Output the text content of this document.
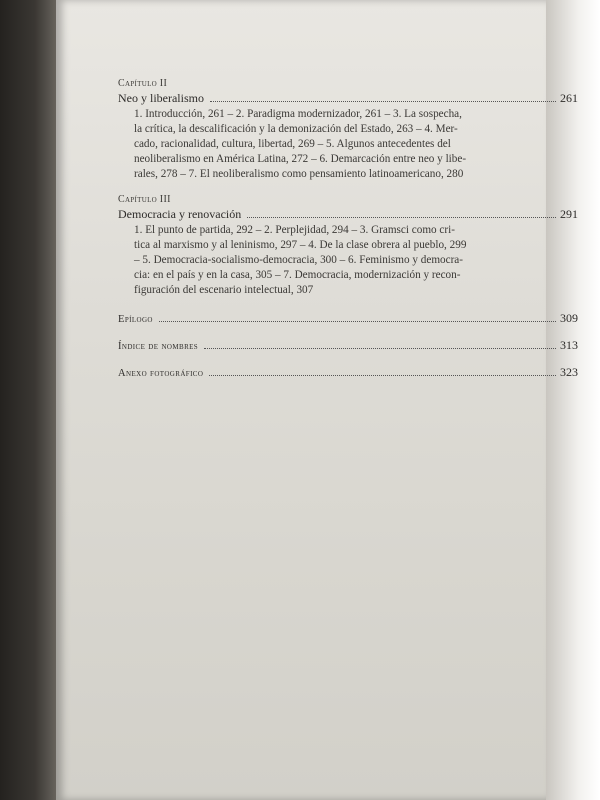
Capítulo II
Neo y liberalismo	261
1. Introducción, 261 – 2. Paradigma modernizador, 261 – 3. La sospecha,
la crítica, la descalificación y la demonización del Estado, 263 – 4. Mer-
cado, racionalidad, cultura, libertad, 269 – 5. Algunos antecedentes del
neoliberalismo en América Latina, 272 – 6. Demarcación entre neo y libe-
rales, 278 – 7. El neoliberalismo como pensamiento latinoamericano, 280
Capítulo III
Democracia y renovación	291
1. El punto de partida, 292 – 2. Perplejidad, 294 – 3. Gramsci como cri-
tica al marxismo y al leninismo, 297 – 4. De la clase obrera al pueblo, 299
– 5. Democracia-socialismo-democracia, 300 – 6. Feminismo y democra-
cia: en el país y en la casa, 305 – 7. Democracia, modernización y recon-
figuración del escenario intelectual, 307
Epílogo	309
Índice de nombres	313
Anexo fotográfico	323
